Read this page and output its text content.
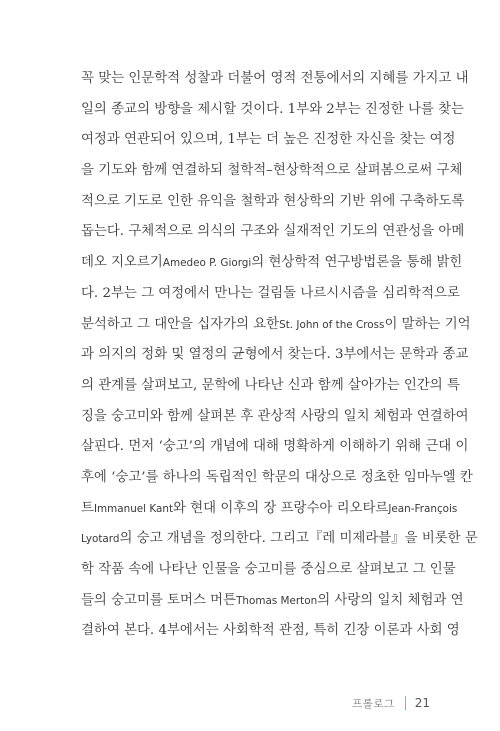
꼭 맞는 인문학적 성찰과 더불어 영적 전통에서의 지혜를 가지고 내
일의 종교의 방향을 제시할 것이다. 1부와 2부는 진정한 나를 찾는
여정과 연관되어 있으며, 1부는 더 높은 진정한 자신을 찾는 여정
을 기도와 함께 연결하되 철학적–현상학적으로 살펴봄으로써 구체
적으로 기도로 인한 유익을 철학과 현상학의 기반 위에 구축하도록
돕는다. 구체적으로 의식의 구조와 실재적인 기도의 연관성을 아메
데오 지오르기Amedeo P. Giorgi의 현상학적 연구방법론을 통해 밝힌
다. 2부는 그 여정에서 만나는 걸림돌 나르시시즘을 심리학적으로
분석하고 그 대안을 십자가의 요한St. John of the Cross이 말하는 기억
과 의지의 정화 및 열정의 균형에서 찾는다. 3부에서는 문학과 종교
의 관계를 살펴보고, 문학에 나타난 신과 함께 살아가는 인간의 특
징을 숭고미와 함께 살펴본 후 관상적 사랑의 일치 체험과 연결하여
살핀다. 먼저 ‘숭고’의 개념에 대해 명확하게 이해하기 위해 근대 이
후에 ‘숭고’를 하나의 독립적인 학문의 대상으로 정초한 임마누엘 칸
트Immanuel Kant와 현대 이후의 장 프랑수아 리오타르Jean-François
Lyotard의 숭고 개념을 정의한다. 그리고『레 미제라블』을 비롯한 문
학 작품 속에 나타난 인물을 숭고미를 중심으로 살펴보고 그 인물
들의 숭고미를 토머스 머튼Thomas Merton의 사랑의 일치 체험과 연
결하여 본다. 4부에서는 사회학적 관점, 특히 긴장 이론과 사회 영
프롤로그 21
